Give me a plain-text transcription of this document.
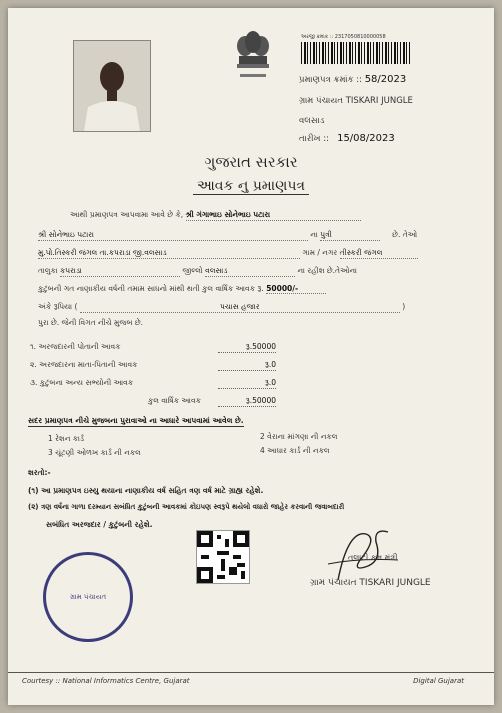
અરજી ક્રમાંક :: 2317050810000058
પ્રમાણપત્ર ક્રમાંક :: 58/2023
ગ્રામ પંચાયત TISKARI JUNGLE
વલસાડ
તારીખ :: 15/08/2023
ગુજરાત સરકાર
આવક નુ પ્રમાણપત્ર
આથી પ્રમાણપત્ર આપવામા આવે છે કે, શ્રી ગંગાભાઇ સોનેભાઇ પટારા
શ્રી સોનેભાઇ પટારા	ના પુત્રી	છે. તેઓ
મુ.પો.તિસ્કરી જંગલ તા.કપરાડા જી.વલસાડ	ગામ / નગર તીસ્કરી જંગલ
તાલુકા કપરાડા	જીલ્લો વલસાડ	ના રહીશ છે.તેઓના
કુટુંબની ગત નાણાકીય વર્ષની તમામ સાધનો માંથી થતી કુલ વાર્ષિક આવક રૂ. 50000/-
અંકે રૂપિયા (	પચાસ હજાર	)
પુરા છે. જેની વિગત નીચે મુજબ છે.
૧. અરજદારની પોતાની આવક	રૂ.50000
૨. અરજદારના માતા-પિતાની આવક	રૂ.0
૩. કુટુંબના અન્ય સભ્યોની આવક	રૂ.0
કુલ વાર્ષિક આવક	રૂ.50000
સદર પ્રમાણપત્ર નીચે મુજબના પુરાવાઓ ના આધારે આપવામાં આવેલ છે.
1 રેશન કાર્ડ	2 વેરાના માંગણા ની નકલ
3 ચૂંટણી ઓળખ કાર્ડ ની નકલ	4 આધાર કાર્ડ ની નકલ
શરતો:-
(૧) આ પ્રમાણપત્ર ઇસ્યુ થયાના નાણાકીય વર્ષ સહિત ત્રણ વર્ષ માટે ગ્રાહ્ય રહેશે.
(૨) ત્રણ વર્ષના ગાળા દરમ્યાન સબંધિત કુટુંબની આવકમાં કોઇપણ સ્વરૂપે થયેલો વધારો જાહેર કરવાની જવાબદારી
સબંધિત અરજદાર / કુટુંબની રહેશે.
ગ્રામ પંચાયત
તલાટી કમ મંત્રી
ગ્રામ પંચાયત TISKARI JUNGLE
Courtesy :: National Informatics Centre, Gujarat	Digital Gujarat
